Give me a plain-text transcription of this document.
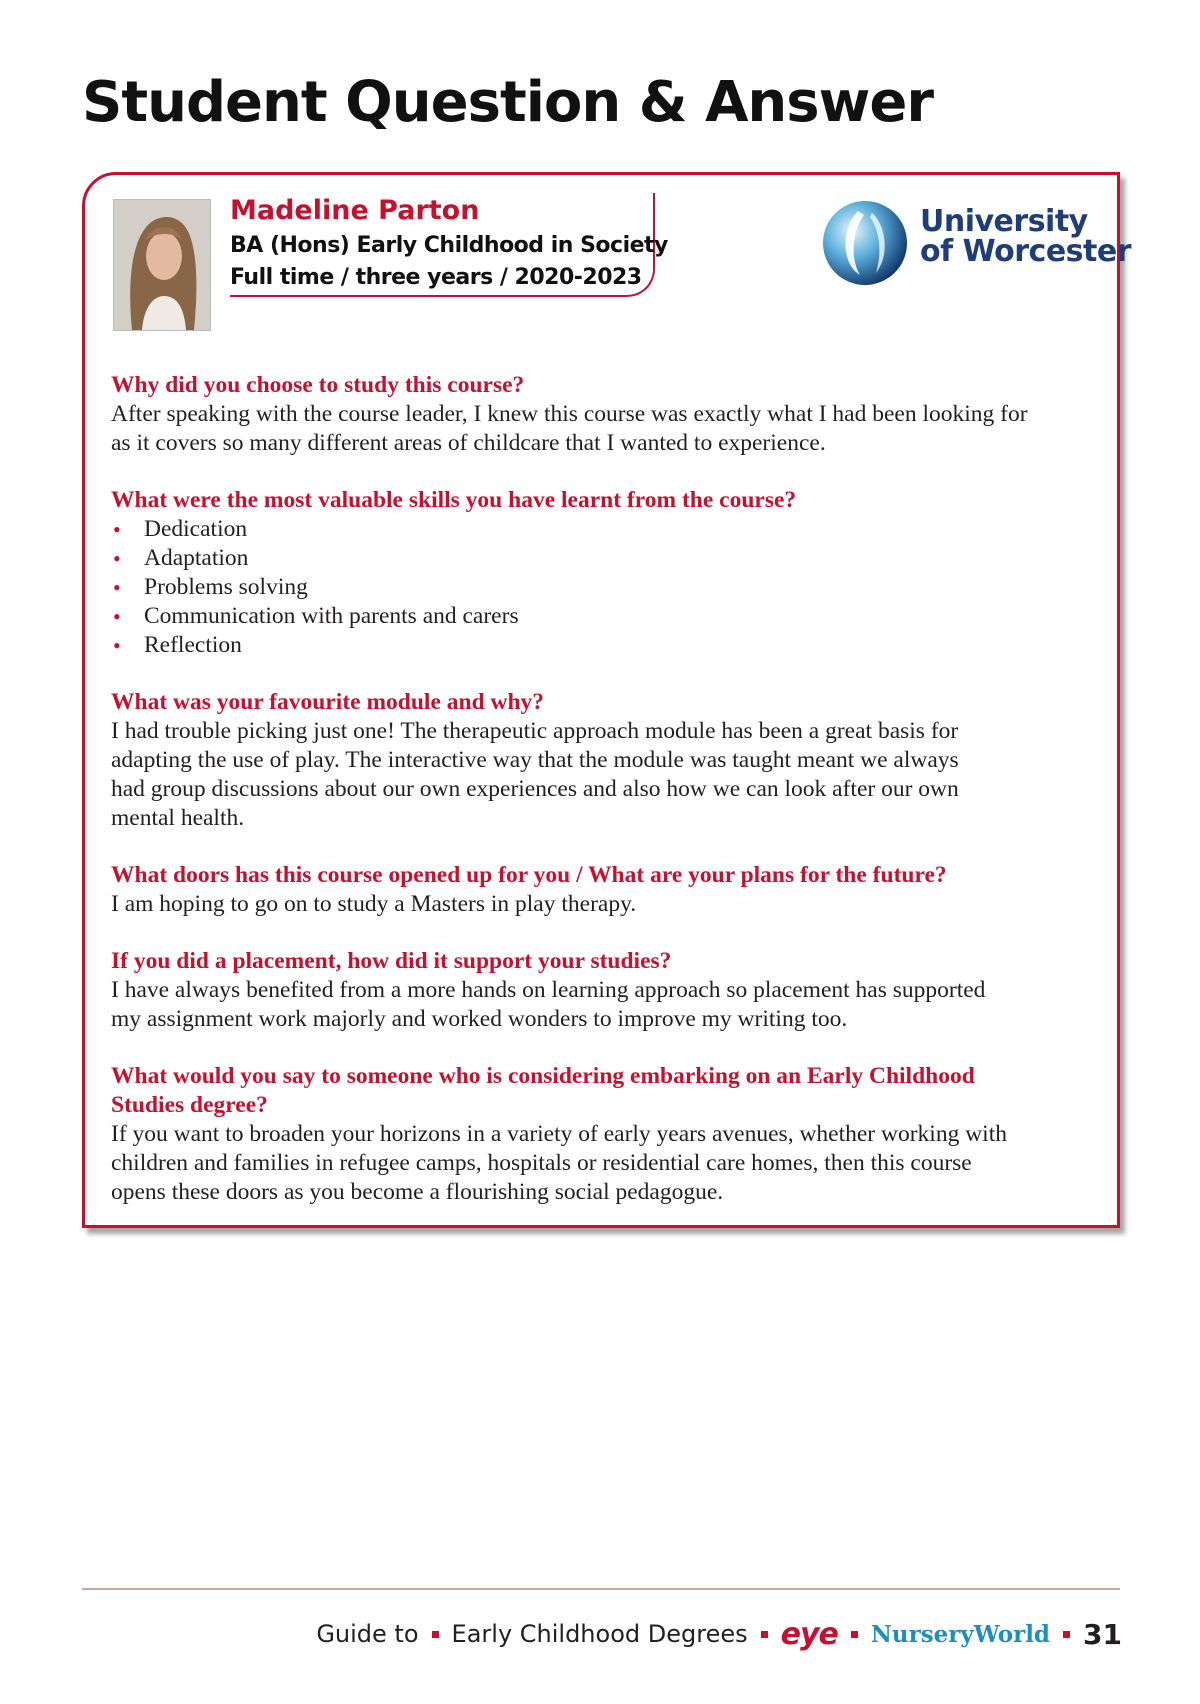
Student Question & Answer

Madeline Parton

BA (Hons) Early Childhood in Society

Full time / three years / 2020-2023

University
of Worcester

Why did you choose to study this course?

After speaking with the course leader, I knew this course was exactly what I had been looking for

as it covers so many different areas of childcare that I wanted to experience.

What were the most valuable skills you have learnt from the course?

• Dedication
• Adaptation
• Problems solving
• Communication with parents and carers
• Reflection

What was your favourite module and why?

I had trouble picking just one! The therapeutic approach module has been a great basis for

adapting the use of play. The interactive way that the module was taught meant we always

had group discussions about our own experiences and also how we can look after our own

mental health.

What doors has this course opened up for you / What are your plans for the future?

I am hoping to go on to study a Masters in play therapy.

If you did a placement, how did it support your studies?

I have always benefited from a more hands on learning approach so placement has supported

my assignment work majorly and worked wonders to improve my writing too.

What would you say to someone who is considering embarking on an Early Childhood

Studies degree?

If you want to broaden your horizons in a variety of early years avenues, whether working with

children and families in refugee camps, hospitals or residential care homes, then this course

opens these doors as you become a flourishing social pedagogue.

Guide to Early Childhood Degrees eye NurseryWorld 31
